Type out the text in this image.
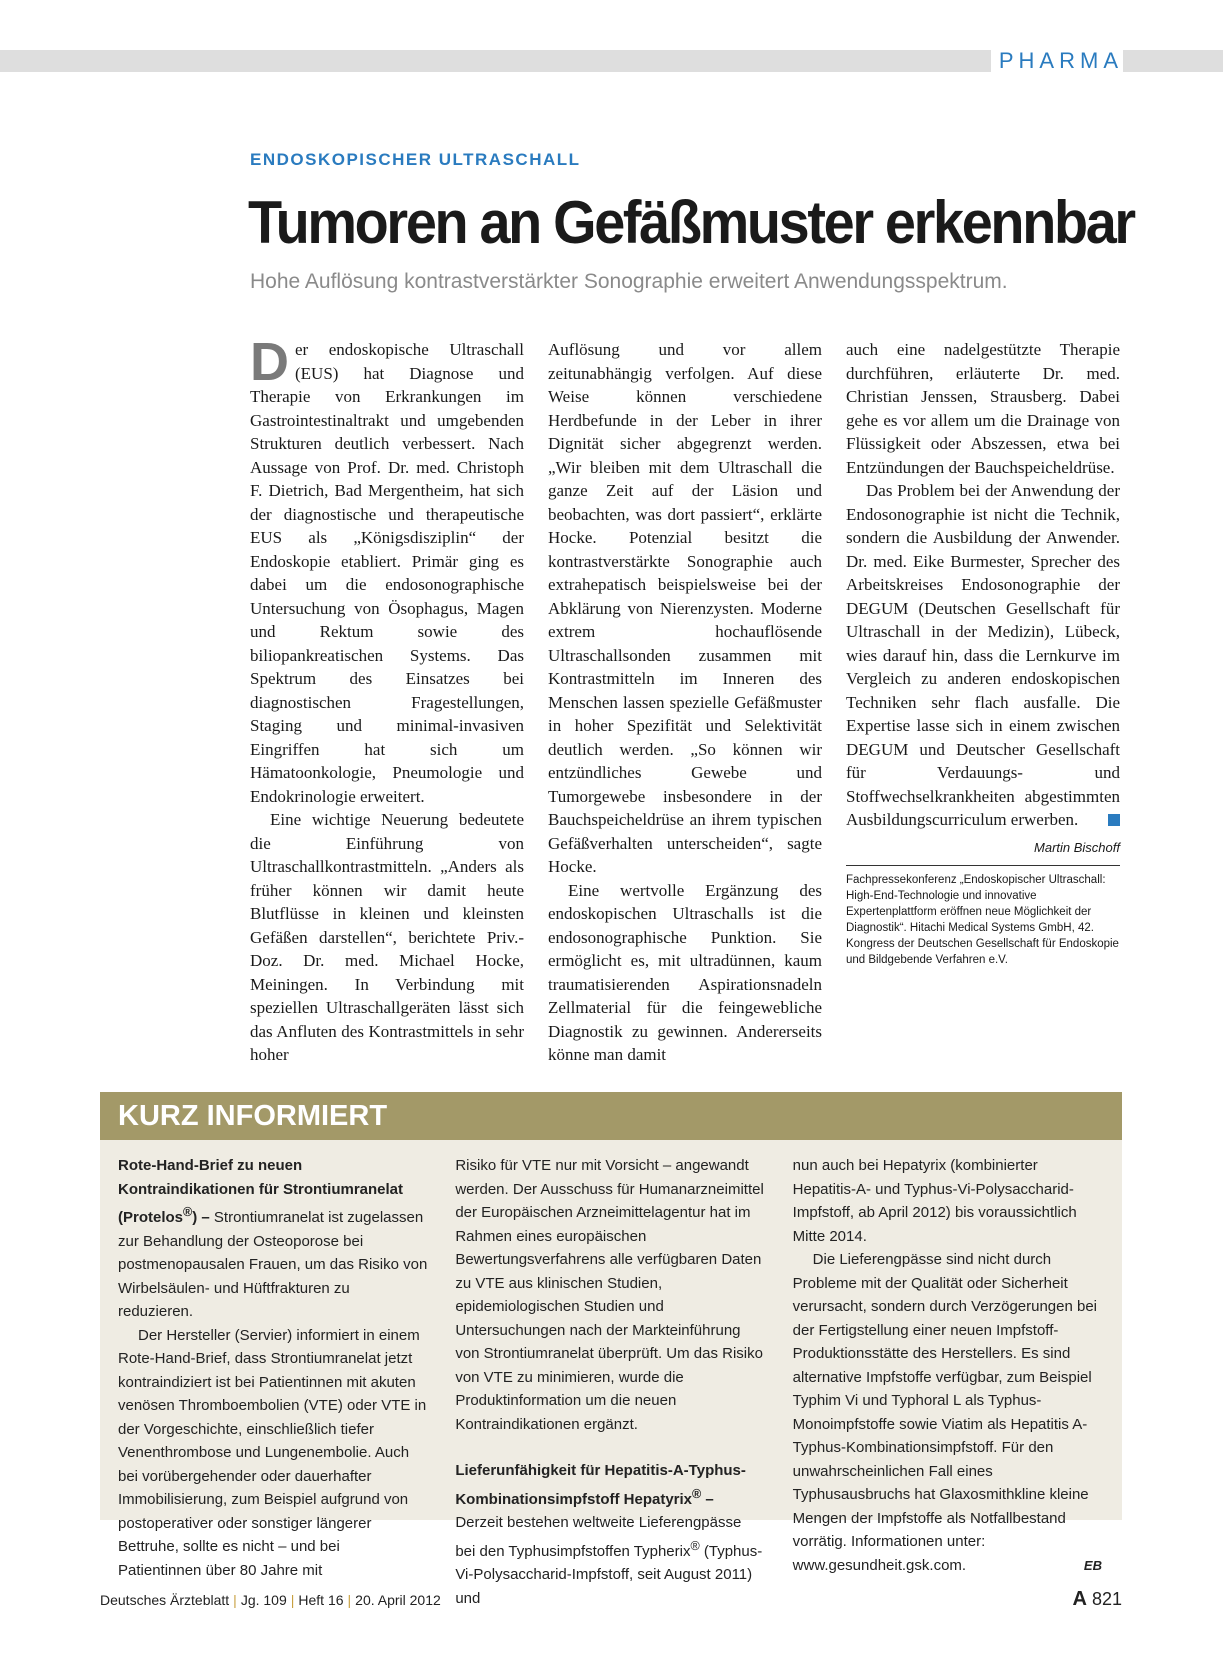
PHARMA
ENDOSKOPISCHER ULTRASCHALL
Tumoren an Gefäßmuster erkennbar
Hohe Auflösung kontrastverstärkter Sonographie erweitert Anwendungsspektrum.

Der endoskopische Ultraschall (EUS) hat Diagnose und Therapie von Erkrankungen im Gastrointestinaltrakt und umgebenden Strukturen deutlich verbessert. Nach Aussage von Prof. Dr. med. Christoph F. Dietrich, Bad Mergentheim, hat sich der diagnostische und therapeutische EUS als „Königsdisziplin“ der Endoskopie etabliert. Primär ging es dabei um die endosonographische Untersuchung von Ösophagus, Magen und Rektum sowie des biliopankreatischen Systems. Das Spektrum des Einsatzes bei diagnostischen Fragestellungen, Staging und minimal-invasiven Eingriffen hat sich um Hämatoonkologie, Pneumologie und Endokrinologie erweitert.

Eine wichtige Neuerung bedeutete die Einführung von Ultraschallkontrastmitteln. „Anders als früher können wir damit heute Blutflüsse in kleinen und kleinsten Gefäßen darstellen“, berichtete Priv.-Doz. Dr. med. Michael Hocke, Meiningen. In Verbindung mit speziellen Ultraschallgeräten lässt sich das Anfluten des Kontrastmittels in sehr hoher

Auflösung und vor allem zeitunabhängig verfolgen. Auf diese Weise können verschiedene Herdbefunde in der Leber in ihrer Dignität sicher abgegrenzt werden. „Wir bleiben mit dem Ultraschall die ganze Zeit auf der Läsion und beobachten, was dort passiert“, erklärte Hocke. Potenzial besitzt die kontrastverstärkte Sonographie auch extrahepatisch beispielsweise bei der Abklärung von Nierenzysten. Moderne extrem hochauflösende Ultraschallsonden zusammen mit Kontrastmitteln im Inneren des Menschen lassen spezielle Gefäßmuster in hoher Spezifität und Selektivität deutlich werden. „So können wir entzündliches Gewebe und Tumorgewebe insbesondere in der Bauchspeicheldrüse an ihrem typischen Gefäßverhalten unterscheiden“, sagte Hocke.

Eine wertvolle Ergänzung des endoskopischen Ultraschalls ist die endosonographische Punktion. Sie ermöglicht es, mit ultradünnen, kaum traumatisierenden Aspirationsnadeln Zellmaterial für die feingewebliche Diagnostik zu gewinnen. Andererseits könne man damit

auch eine nadelgestützte Therapie durchführen, erläuterte Dr. med. Christian Jenssen, Strausberg. Dabei gehe es vor allem um die Drainage von Flüssigkeit oder Abszessen, etwa bei Entzündungen der Bauchspeicheldrüse.

Das Problem bei der Anwendung der Endosonographie ist nicht die Technik, sondern die Ausbildung der Anwender. Dr. med. Eike Burmester, Sprecher des Arbeitskreises Endosonographie der DEGUM (Deutschen Gesellschaft für Ultraschall in der Medizin), Lübeck, wies darauf hin, dass die Lernkurve im Vergleich zu anderen endoskopischen Techniken sehr flach ausfalle. Die Expertise lasse sich in einem zwischen DEGUM und Deutscher Gesellschaft für Verdauungs- und Stoffwechselkrankheiten abgestimmten Ausbildungscurriculum erwerben.

Martin Bischoff
Fachpressekonferenz „Endoskopischer Ultraschall: High-End-Technologie und innovative Expertenplattform eröffnen neue Möglichkeit der Diagnostik“. Hitachi Medical Systems GmbH, 42. Kongress der Deutschen Gesellschaft für Endoskopie und Bildgebende Verfahren e.V.
KURZ INFORMIERT

Rote-Hand-Brief zu neuen Kontraindikationen für Strontiumranelat (Protelos®) – Strontiumranelat ist zugelassen zur Behandlung der Osteoporose bei postmenopausalen Frauen, um das Risiko von Wirbelsäulen- und Hüftfrakturen zu reduzieren.

Der Hersteller (Servier) informiert in einem Rote-Hand-Brief, dass Strontiumranelat jetzt kontraindiziert ist bei Patientinnen mit akuten venösen Thromboembolien (VTE) oder VTE in der Vorgeschichte, einschließlich tiefer Venenthrombose und Lungenembolie. Auch bei vorübergehender oder dauerhafter Immobilisierung, zum Beispiel aufgrund von postoperativer oder sonstiger längerer Bettruhe, sollte es nicht – und bei Patientinnen über 80 Jahre mit

Risiko für VTE nur mit Vorsicht – angewandt werden. Der Ausschuss für Humanarzneimittel der Europäischen Arzneimittelagentur hat im Rahmen eines europäischen Bewertungsverfahrens alle verfügbaren Daten zu VTE aus klinischen Studien, epidemiologischen Studien und Untersuchungen nach der Markteinführung von Strontiumranelat überprüft. Um das Risiko von VTE zu minimieren, wurde die Produktinformation um die neuen Kontraindikationen ergänzt.

Lieferunfähigkeit für Hepatitis-A-Typhus-Kombinationsimpfstoff Hepatyrix® – Derzeit bestehen weltweite Lieferengpässe bei den Typhusimpfstoffen Typherix® (Typhus-Vi-Polysaccharid-Impfstoff, seit August 2011) und

nun auch bei Hepatyrix (kombinierter Hepatitis-A- und Typhus-Vi-Polysaccharid-Impfstoff, ab April 2012) bis voraussichtlich Mitte 2014.

Die Lieferengpässe sind nicht durch Probleme mit der Qualität oder Sicherheit verursacht, sondern durch Verzögerungen bei der Fertigstellung einer neuen Impfstoff-Produktionsstätte des Herstellers. Es sind alternative Impfstoffe verfügbar, zum Beispiel Typhim Vi und Typhoral L als Typhus-Monoimpfstoffe sowie Viatim als Hepatitis A-Typhus-Kombinationsimpfstoff. Für den unwahrscheinlichen Fall eines Typhusausbruchs hat Glaxosmithkline kleine Mengen der Impfstoffe als Notfallbestand vorrätig. Informationen unter: www.gesundheit.gsk.com.	EB

Deutsches Ärzteblatt | Jg. 109 | Heft 16 | 20. April 2012	A 821
